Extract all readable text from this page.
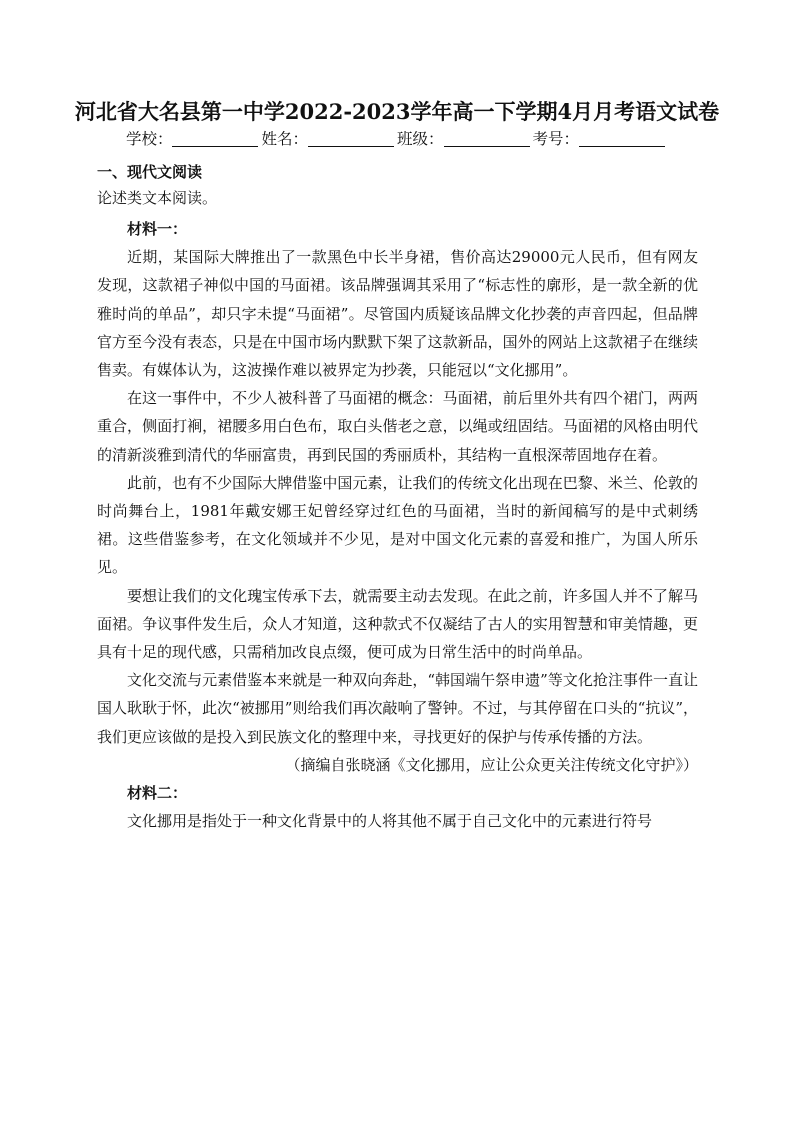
河北省大名县第一中学2022-2023学年高一下学期4月月考语文试卷
学校：	姓名：	班级：	考号：
一、现代文阅读
论述类文本阅读。

材料一：

近期，某国际大牌推出了一款黑色中长半身裙，售价高达29000元人民币，但有网友发现，这款裙子神似中国的马面裙。该品牌强调其采用了“标志性的廓形，是一款全新的优雅时尚的单品”，却只字未提“马面裙”。尽管国内质疑该品牌文化抄袭的声音四起，但品牌官方至今没有表态，只是在中国市场内默默下架了这款新品，国外的网站上这款裙子在继续售卖。有媒体认为，这波操作难以被界定为抄袭，只能冠以“文化挪用”。

在这一事件中，不少人被科普了马面裙的概念：马面裙，前后里外共有四个裙门，两两重合，侧面打裥，裙腰多用白色布，取白头偕老之意，以绳或纽固结。马面裙的风格由明代的清新淡雅到清代的华丽富贵，再到民国的秀丽质朴，其结构一直根深蒂固地存在着。

此前，也有不少国际大牌借鉴中国元素，让我们的传统文化出现在巴黎、米兰、伦敦的时尚舞台上，1981年戴安娜王妃曾经穿过红色的马面裙，当时的新闻稿写的是中式刺绣裙。这些借鉴参考，在文化领域并不少见，是对中国文化元素的喜爱和推广，为国人所乐见。

要想让我们的文化瑰宝传承下去，就需要主动去发现。在此之前，许多国人并不了解马面裙。争议事件发生后，众人才知道，这种款式不仅凝结了古人的实用智慧和审美情趣，更具有十足的现代感，只需稍加改良点缀，便可成为日常生活中的时尚单品。

文化交流与元素借鉴本来就是一种双向奔赴，“韩国端午祭申遗”等文化抢注事件一直让国人耿耿于怀，此次“被挪用”则给我们再次敲响了警钟。不过，与其停留在口头的“抗议”，我们更应该做的是投入到民族文化的整理中来，寻找更好的保护与传承传播的方法。

（摘编自张晓涵《文化挪用，应让公众更关注传统文化守护》）

材料二：

文化挪用是指处于一种文化背景中的人将其他不属于自己文化中的元素进行符号
